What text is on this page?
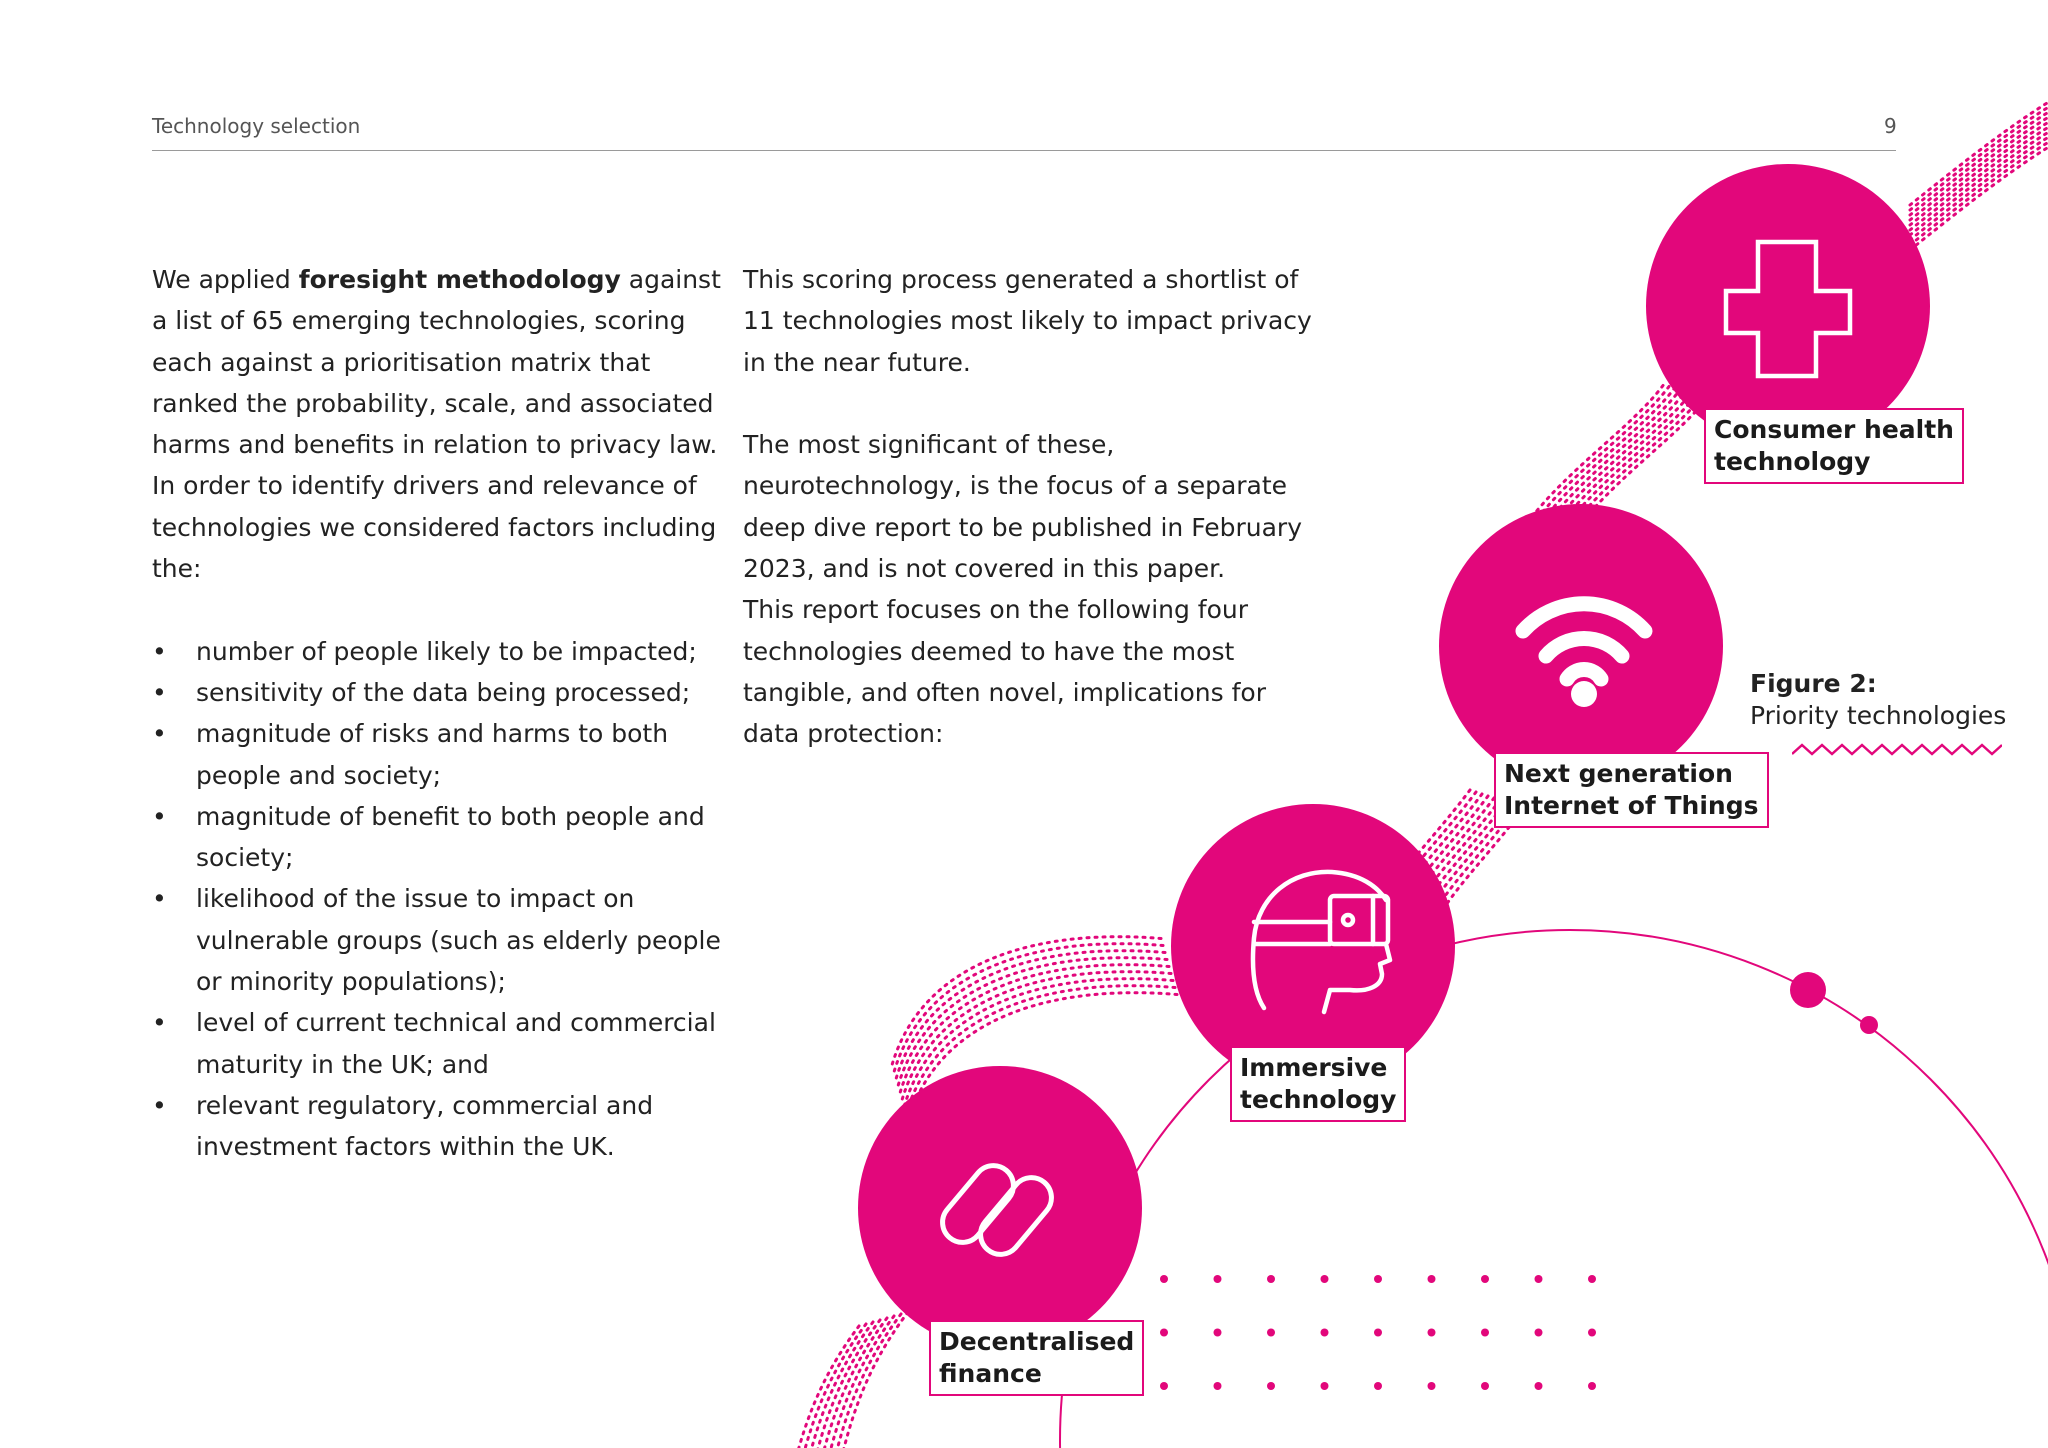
Technology selection	9

We applied foresight methodology against a list of 65 emerging technologies, scoring each against a prioritisation matrix that ranked the probability, scale, and associated harms and benefits in relation to privacy law. In order to identify drivers and relevance of technologies we considered factors including the:

• number of people likely to be impacted;
• sensitivity of the data being processed;
• magnitude of risks and harms to both people and society;
• magnitude of benefit to both people and society;
• likelihood of the issue to impact on vulnerable groups (such as elderly people or minority populations);
• level of current technical and commercial maturity in the UK; and
• relevant regulatory, commercial and investment factors within the UK.

This scoring process generated a shortlist of 11 technologies most likely to impact privacy in the near future.

The most significant of these, neurotechnology, is the focus of a separate deep dive report to be published in February 2023, and is not covered in this paper.

This report focuses on the following four technologies deemed to have the most tangible, and often novel, implications for data protection:

Figure 2:
Priority technologies
Consumer health
technology
Next generation
Internet of Things
Immersive
technology
Decentralised
finance
